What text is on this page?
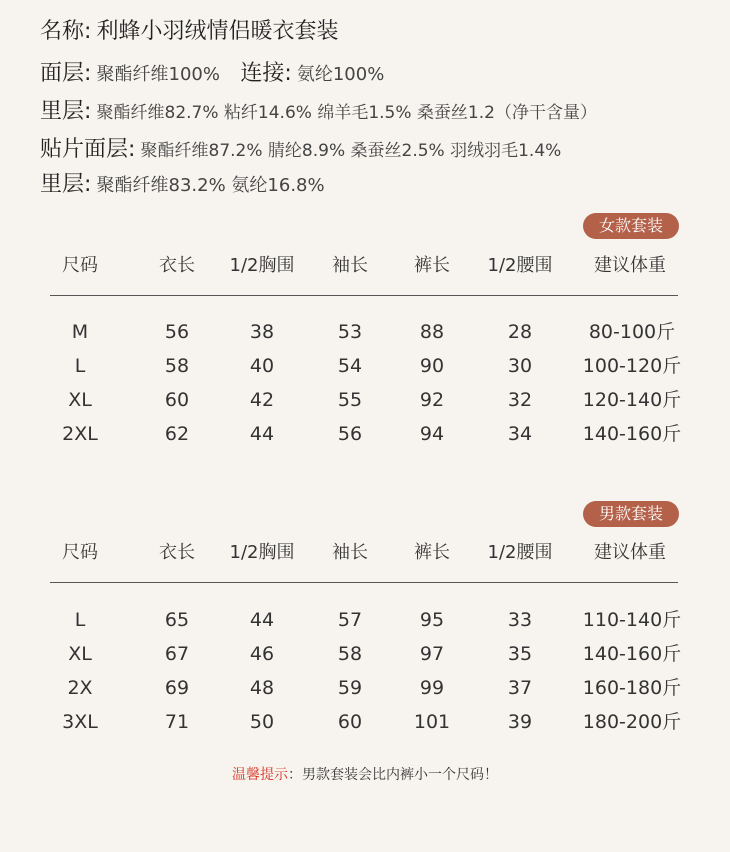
名称: 利蜂小羽绒情侣暖衣套装
面层: 聚酯纤维100% 连接: 氨纶100%
里层: 聚酯纤维82.7% 粘纤14.6% 绵羊毛1.5% 桑蚕丝1.2（净干含量）
贴片面层: 聚酯纤维87.2% 腈纶8.9% 桑蚕丝2.5% 羽绒羽毛1.4%
里层: 聚酯纤维83.2% 氨纶16.8%
女款套装
尺码	衣长	1/2胸围	袖长	裤长	1/2腰围	建议体重
M	56	38	53	88	28	80-100斤
L	58	40	54	90	30	100-120斤
XL	60	42	55	92	32	120-140斤
2XL	62	44	56	94	34	140-160斤
男款套装
尺码	衣长	1/2胸围	袖长	裤长	1/2腰围	建议体重
L	65	44	57	95	33	110-140斤
XL	67	46	58	97	35	140-160斤
2X	69	48	59	99	37	160-180斤
3XL	71	50	60	101	39	180-200斤
温馨提示：男款套装会比内裤小一个尺码！
